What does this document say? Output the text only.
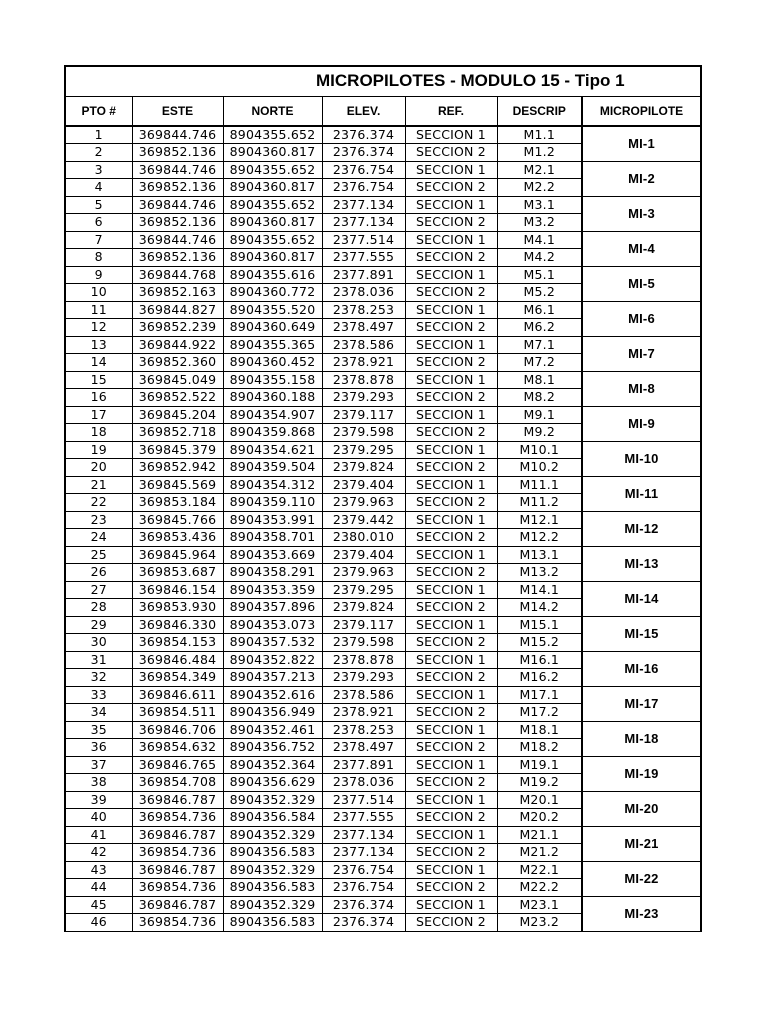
MICROPILOTES - MODULO 15 - Tipo 1						
PTO #	ESTE	NORTE	ELEV.	REF.	DESCRIP	MICROPILOTE
1	369844.746	8904355.652	2376.374	SECCION 1	M1.1	MI-1
2	369852.136	8904360.817	2376.374	SECCION 2	M1.2	
3	369844.746	8904355.652	2376.754	SECCION 1	M2.1	MI-2
4	369852.136	8904360.817	2376.754	SECCION 2	M2.2	
5	369844.746	8904355.652	2377.134	SECCION 1	M3.1	MI-3
6	369852.136	8904360.817	2377.134	SECCION 2	M3.2	
7	369844.746	8904355.652	2377.514	SECCION 1	M4.1	MI-4
8	369852.136	8904360.817	2377.555	SECCION 2	M4.2	
9	369844.768	8904355.616	2377.891	SECCION 1	M5.1	MI-5
10	369852.163	8904360.772	2378.036	SECCION 2	M5.2	
11	369844.827	8904355.520	2378.253	SECCION 1	M6.1	MI-6
12	369852.239	8904360.649	2378.497	SECCION 2	M6.2	
13	369844.922	8904355.365	2378.586	SECCION 1	M7.1	MI-7
14	369852.360	8904360.452	2378.921	SECCION 2	M7.2	
15	369845.049	8904355.158	2378.878	SECCION 1	M8.1	MI-8
16	369852.522	8904360.188	2379.293	SECCION 2	M8.2	
17	369845.204	8904354.907	2379.117	SECCION 1	M9.1	MI-9
18	369852.718	8904359.868	2379.598	SECCION 2	M9.2	
19	369845.379	8904354.621	2379.295	SECCION 1	M10.1	MI-10
20	369852.942	8904359.504	2379.824	SECCION 2	M10.2	
21	369845.569	8904354.312	2379.404	SECCION 1	M11.1	MI-11
22	369853.184	8904359.110	2379.963	SECCION 2	M11.2	
23	369845.766	8904353.991	2379.442	SECCION 1	M12.1	MI-12
24	369853.436	8904358.701	2380.010	SECCION 2	M12.2	
25	369845.964	8904353.669	2379.404	SECCION 1	M13.1	MI-13
26	369853.687	8904358.291	2379.963	SECCION 2	M13.2	
27	369846.154	8904353.359	2379.295	SECCION 1	M14.1	MI-14
28	369853.930	8904357.896	2379.824	SECCION 2	M14.2	
29	369846.330	8904353.073	2379.117	SECCION 1	M15.1	MI-15
30	369854.153	8904357.532	2379.598	SECCION 2	M15.2	
31	369846.484	8904352.822	2378.878	SECCION 1	M16.1	MI-16
32	369854.349	8904357.213	2379.293	SECCION 2	M16.2	
33	369846.611	8904352.616	2378.586	SECCION 1	M17.1	MI-17
34	369854.511	8904356.949	2378.921	SECCION 2	M17.2	
35	369846.706	8904352.461	2378.253	SECCION 1	M18.1	MI-18
36	369854.632	8904356.752	2378.497	SECCION 2	M18.2	
37	369846.765	8904352.364	2377.891	SECCION 1	M19.1	MI-19
38	369854.708	8904356.629	2378.036	SECCION 2	M19.2	
39	369846.787	8904352.329	2377.514	SECCION 1	M20.1	MI-20
40	369854.736	8904356.584	2377.555	SECCION 2	M20.2	
41	369846.787	8904352.329	2377.134	SECCION 1	M21.1	MI-21
42	369854.736	8904356.583	2377.134	SECCION 2	M21.2	
43	369846.787	8904352.329	2376.754	SECCION 1	M22.1	MI-22
44	369854.736	8904356.583	2376.754	SECCION 2	M22.2	
45	369846.787	8904352.329	2376.374	SECCION 1	M23.1	MI-23
46	369854.736	8904356.583	2376.374	SECCION 2	M23.2	
